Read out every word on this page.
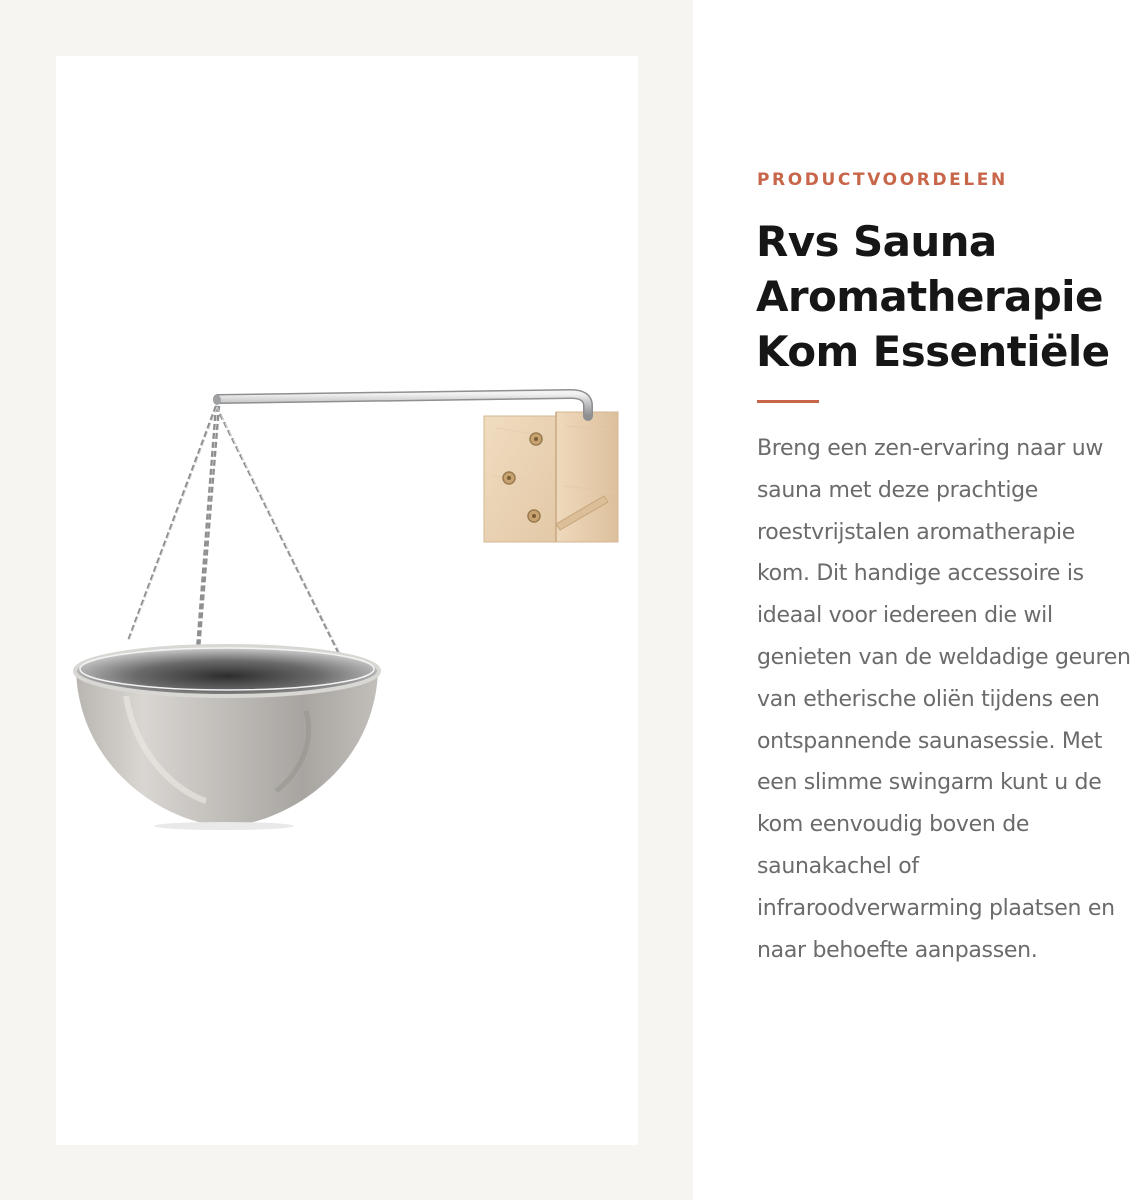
PRODUCTVOORDELEN

Rvs Sauna Aromatherapie Kom Essentiële

Breng een zen-ervaring naar uw sauna met deze prachtige roestvrijstalen aromatherapie kom. Dit handige accessoire is ideaal voor iedereen die wil genieten van de weldadige geuren van etherische oliën tijdens een ontspannende saunasessie. Met een slimme swingarm kunt u de kom eenvoudig boven de saunakachel of infraroodverwarming plaatsen en naar behoefte aanpassen.
